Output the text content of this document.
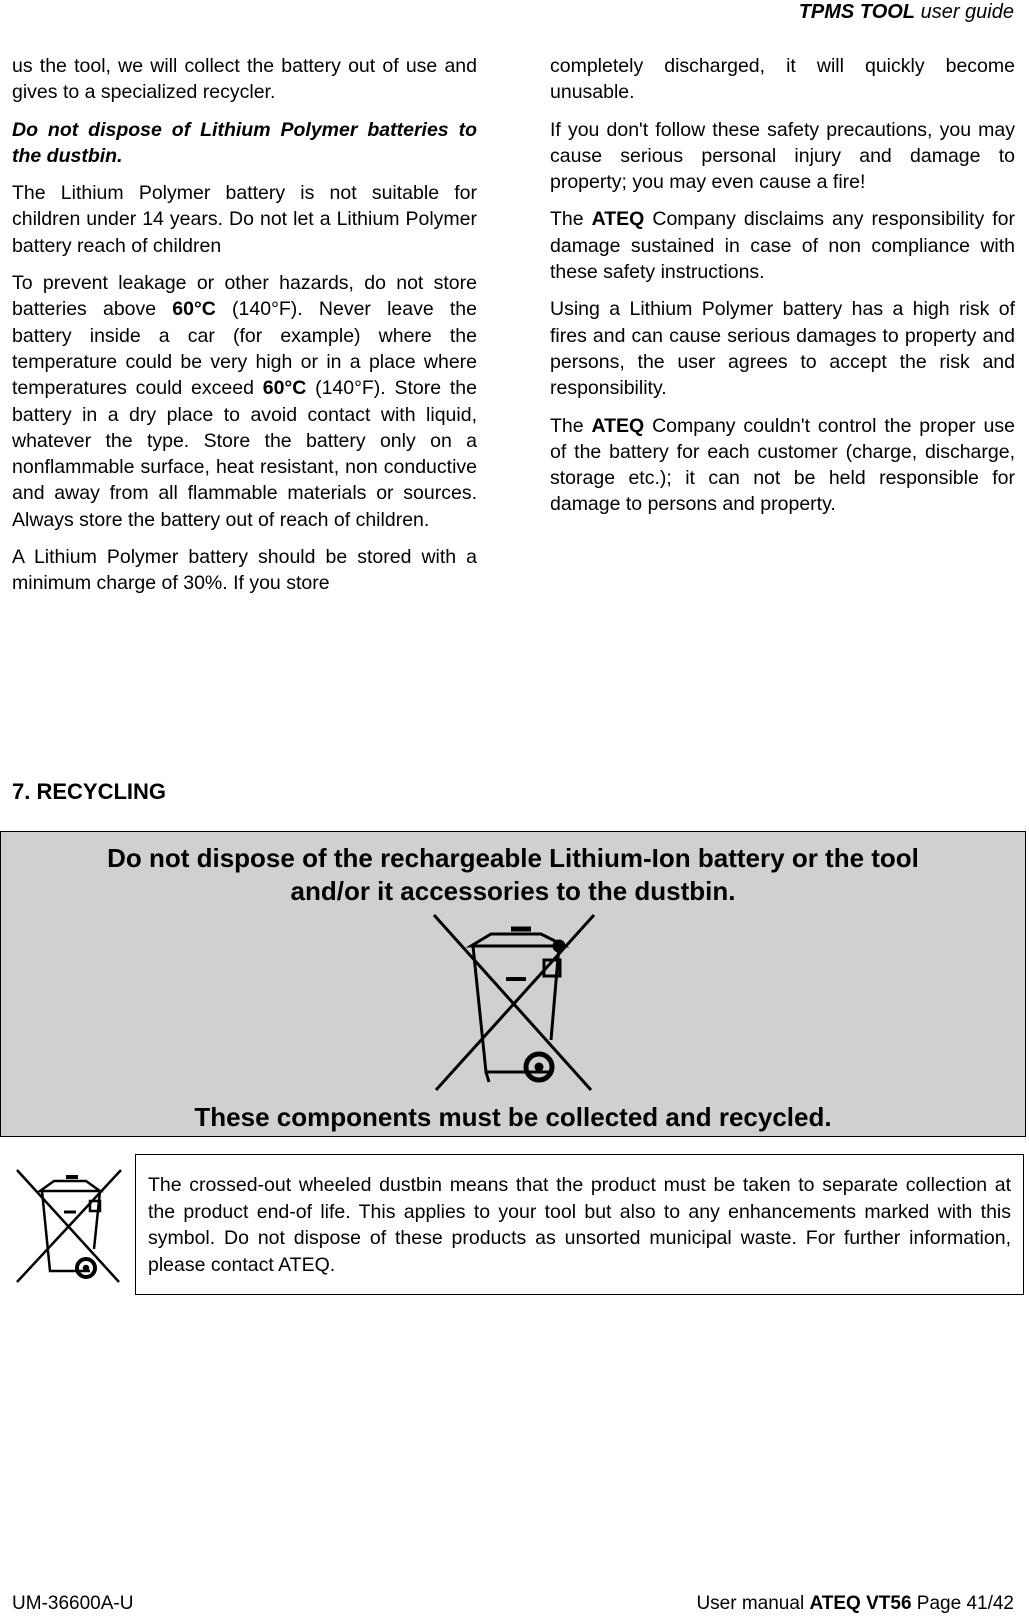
TPMS TOOL user guide

us the tool, we will collect the battery out of use and gives to a specialized recycler.

Do not dispose of Lithium Polymer batteries to the dustbin.

The Lithium Polymer battery is not suitable for children under 14 years. Do not let a Lithium Polymer battery reach of children

To prevent leakage or other hazards, do not store batteries above 60°C (140°F). Never leave the battery inside a car (for example) where the temperature could be very high or in a place where temperatures could exceed 60°C (140°F). Store the battery in a dry place to avoid contact with liquid, whatever the type. Store the battery only on a nonflammable surface, heat resistant, non conductive and away from all flammable materials or sources. Always store the battery out of reach of children.

A Lithium Polymer battery should be stored with a minimum charge of 30%. If you store

completely discharged, it will quickly become unusable.

If you don't follow these safety precautions, you may cause serious personal injury and damage to property; you may even cause a fire!

The ATEQ Company disclaims any responsibility for damage sustained in case of non compliance with these safety instructions.

Using a Lithium Polymer battery has a high risk of fires and can cause serious damages to property and persons, the user agrees to accept the risk and responsibility.

The ATEQ Company couldn't control the proper use of the battery for each customer (charge, discharge, storage etc.); it can not be held responsible for damage to persons and property.

7. RECYCLING
Do not dispose of the rechargeable Lithium-Ion battery or the tool
and/or it accessories to the dustbin.
These components must be collected and recycled.
The crossed-out wheeled dustbin means that the product must be taken to separate collection at the product end-of life. This applies to your tool but also to any enhancements marked with this symbol. Do not dispose of these products as unsorted municipal waste. For further information, please contact ATEQ.
UM-36600A-U	User manual ATEQ VT56 Page 41/42
